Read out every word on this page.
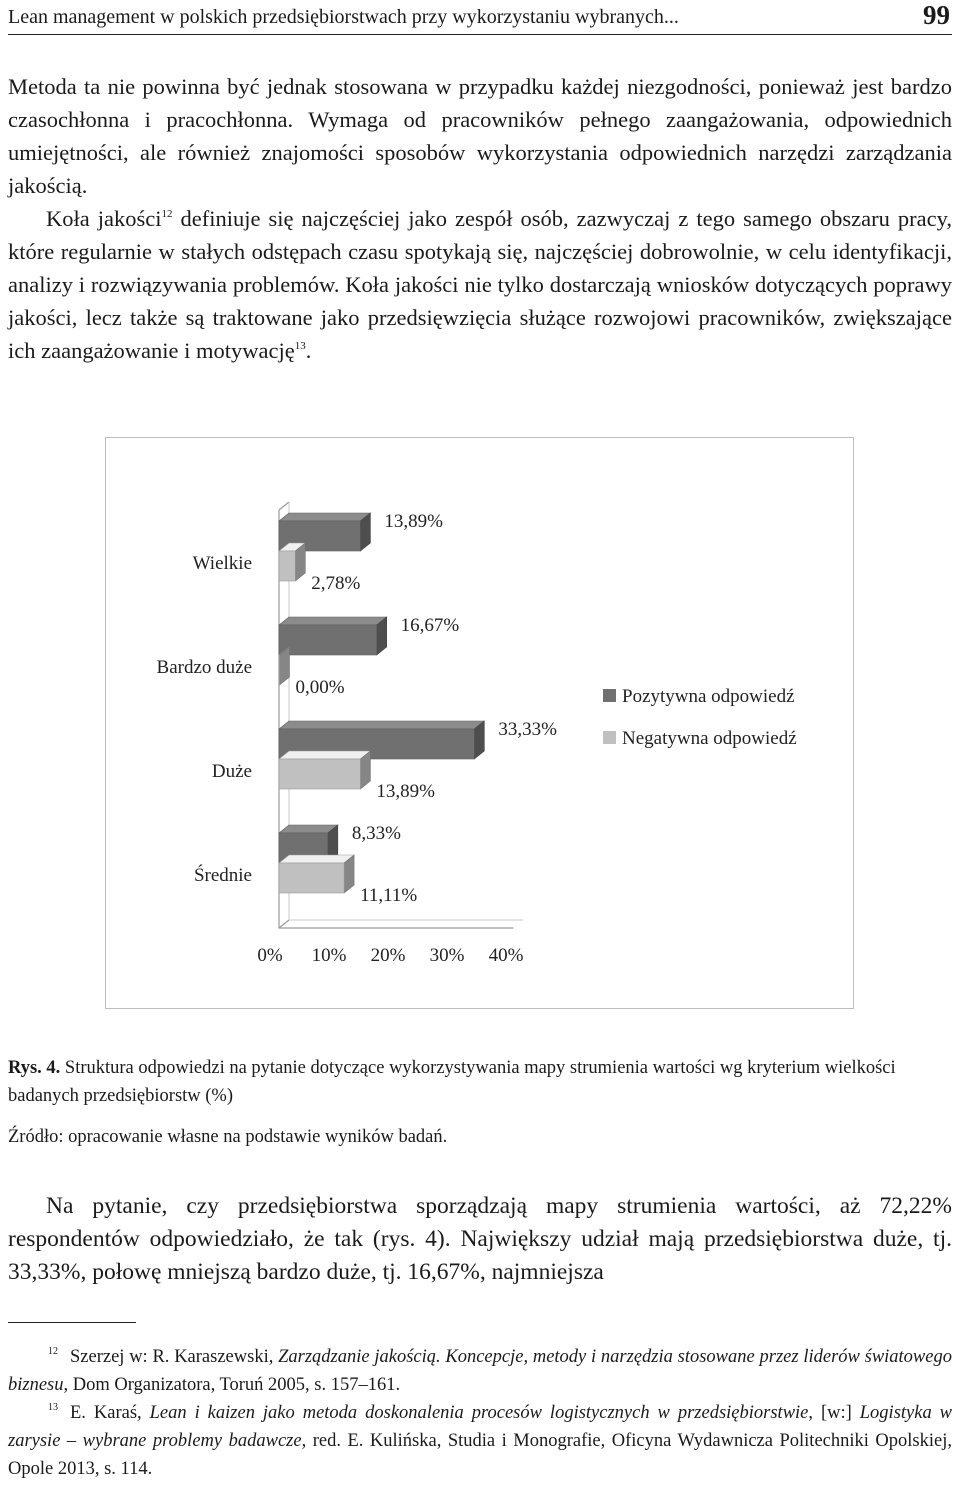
Lean management w polskich przedsiębiorstwach przy wykorzystaniu wybranych...	99

Metoda ta nie powinna być jednak stosowana w przypadku każdej niezgodności, ponieważ jest bardzo czasochłonna i pracochłonna. Wymaga od pracowników pełnego zaangażowania, odpowiednich umiejętności, ale również znajomości sposobów wykorzystania odpowiednich narzędzi zarządzania jakością.

Koła jakości$^{12}$ definiuje się najczęściej jako zespół osób, zazwyczaj z tego samego obszaru pracy, które regularnie w stałych odstępach czasu spotykają się, najczęściej dobrowolnie, w celu identyfikacji, analizy i rozwiązywania problemów. Koła jakości nie tylko dostarczają wniosków dotyczących poprawy jakości, lecz także są traktowane jako przedsięwzięcia służące rozwojowi pracowników, zwiększające ich zaangażowanie i motywację$^{13}$.

Wielkie
13,89%
2,78%
Bardzo duże
16,67%
0,00%
Duże
33,33%
13,89%
Średnie
8,33%
11,11%
0% 10% 20% 30% 40%
Pozytywna odpowiedź
Negatywna odpowiedź
Rys. 4. Struktura odpowiedzi na pytanie dotyczące wykorzystywania mapy strumienia wartości wg kryterium wielkości badanych przedsiębiorstw (%)
Źródło: opracowanie własne na podstawie wyników badań.

Na pytanie, czy przedsiębiorstwa sporządzają mapy strumienia wartości, aż 72,22% respondentów odpowiedziało, że tak (rys. 4). Największy udział mają przedsiębiorstwa duże, tj. 33,33%, połowę mniejszą bardzo duże, tj. 16,67%, najmniejsza

$^{12}$ Szerzej w: R. Karaszewski, Zarządzanie jakością. Koncepcje, metody i narzędzia stosowane przez liderów światowego biznesu, Dom Organizatora, Toruń 2005, s. 157–161.

$^{13}$ E. Karaś, Lean i kaizen jako metoda doskonalenia procesów logistycznych w przedsiębiorstwie, [w:] Logistyka w zarysie – wybrane problemy badawcze, red. E. Kulińska, Studia i Monografie, Oficyna Wydawnicza Politechniki Opolskiej, Opole 2013, s. 114.
